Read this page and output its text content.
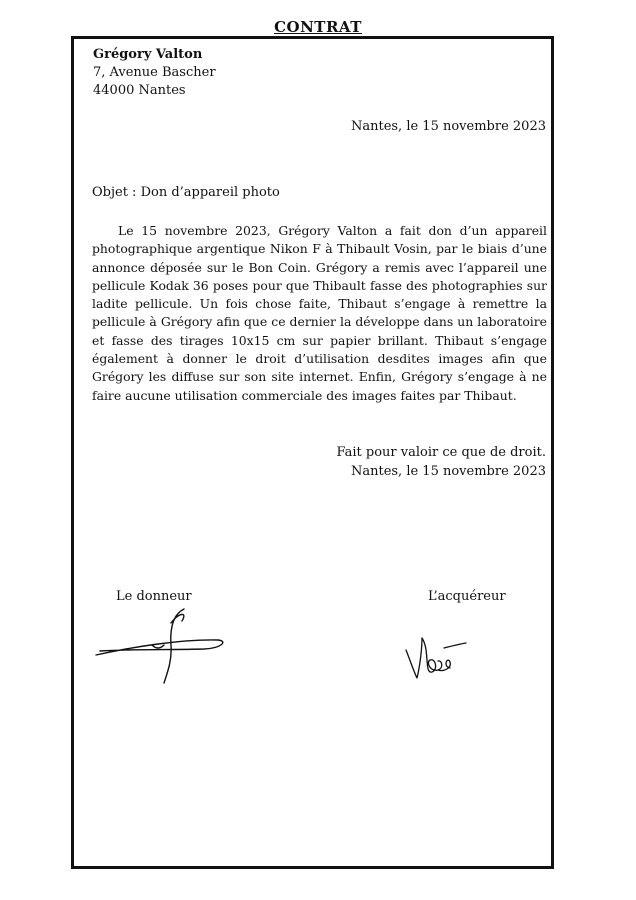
CONTRAT
Grégory Valton
7, Avenue Bascher
44000 Nantes
Nantes, le 15 novembre 2023
Objet : Don d’appareil photo

Le 15 novembre 2023, Grégory Valton a fait don d’un appareil photographique argentique Nikon F à Thibault Vosin, par le biais d’une annonce déposée sur le Bon Coin. Grégory a remis avec l’appareil une pellicule Kodak 36 poses pour que Thibault fasse des photographies sur ladite pellicule. Un fois chose faite, Thibaut s’engage à remettre la pellicule à Grégory afin que ce dernier la développe dans un laboratoire et fasse des tirages 10x15 cm sur papier brillant. Thibaut s’engage également à donner le droit d’utilisation desdites images afin que Grégory les diffuse sur son site internet. Enfin, Grégory s’engage à ne faire aucune utilisation commerciale des images faites par Thibaut.

Fait pour valoir ce que de droit.
Nantes, le 15 novembre 2023
Le donneur	L’acquéreur
